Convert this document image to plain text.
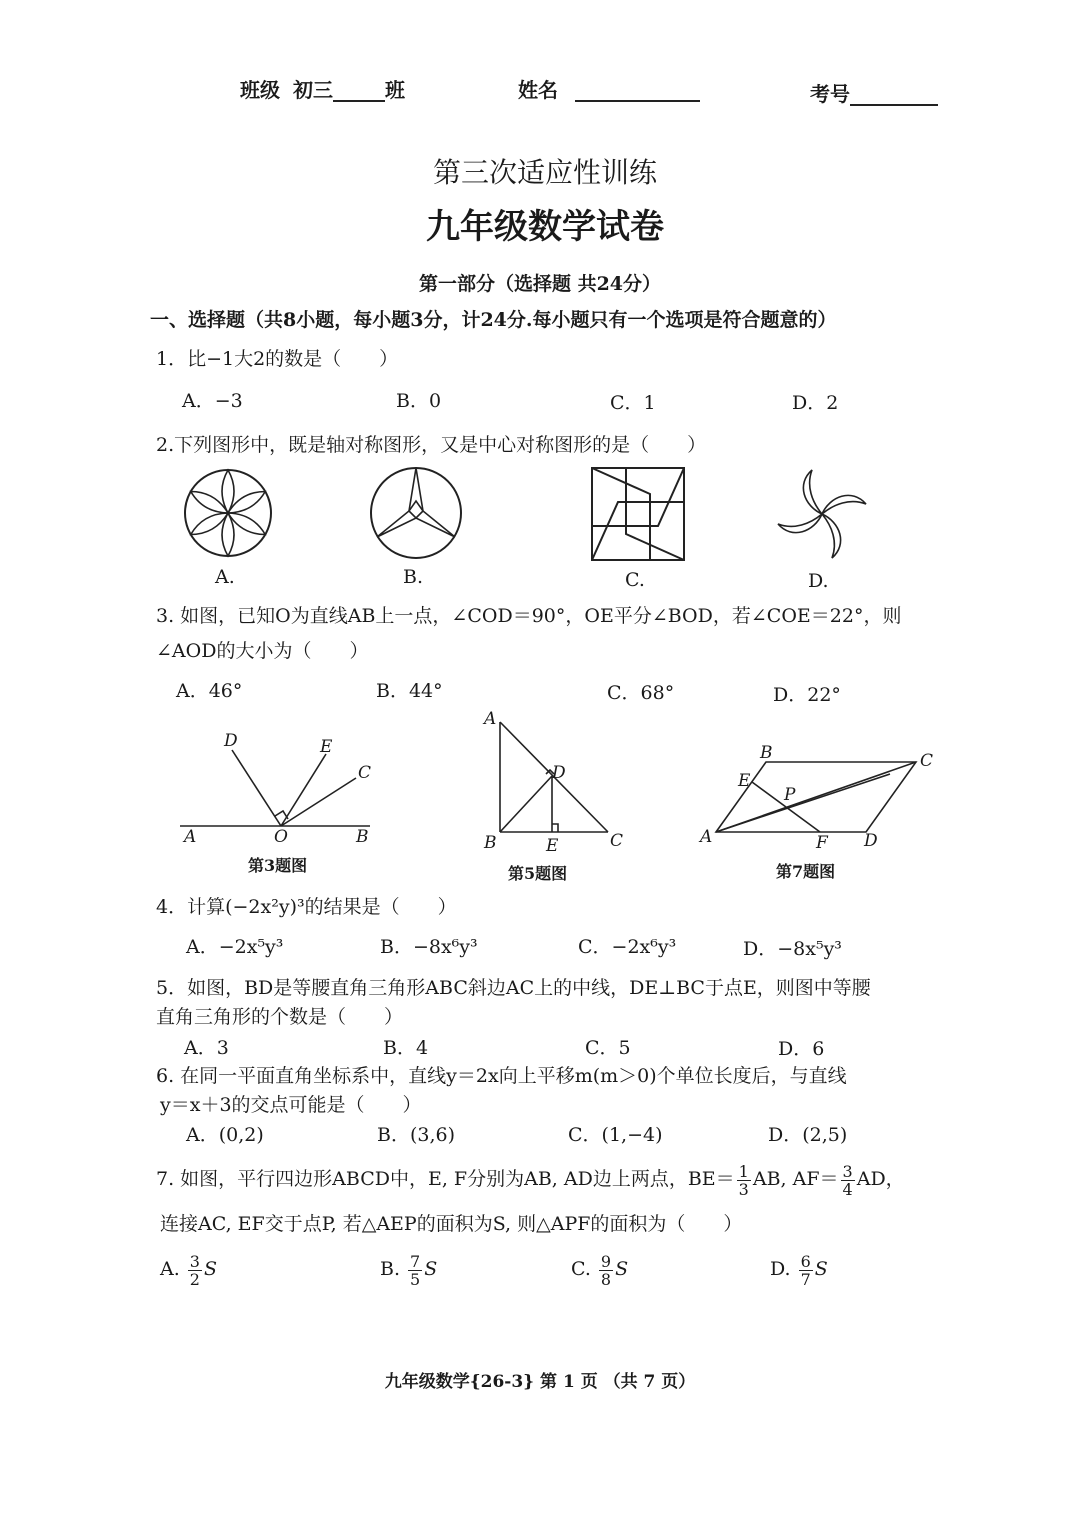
班级 初三	班	姓名	考号
第三次适应性训练
九年级数学试卷
第一部分（选择题 共24分）
一、选择题（共8小题，每小题3分，计24分.每小题只有一个选项是符合题意的）
1．比−1大2的数是（　　）
A．−3	B．0	C．1	D．2
2.下列图形中，既是轴对称图形，又是中心对称图形的是（　　）
A.	B.	C.	D.
3. 如图，已知O为直线AB上一点，∠COD＝90°，OE平分∠BOD，若∠COE＝22°，则
∠AOD的大小为（　　）
A．46°	B．44°	C．68°	D．22°
D	E
C
A	O	B
第3题图
A
D
B	E	C
第5题图
B	C
E
P
A	F D
第7题图
4．计算(−2x²y)³的结果是（　　）
A．−2x⁵y³	B．−8x⁶y³	C．−2x⁶y³	D．−8x⁵y³
5．如图，BD是等腰直角三角形ABC斜边AC上的中线，DE⊥BC于点E，则图中等腰
直角三角形的个数是（　　）
A．3	B．4	C．5	D．6
6. 在同一平面直角坐标系中，直线y＝2x向上平移m(m＞0)个单位长度后，与直线
y＝x＋3的交点可能是（　　）
A．(0,2)	B．(3,6)	C．(1,−4)	D．(2,5)
7. 如图，平行四边形ABCD中，E, F分别为AB, AD边上两点，$BE= \frac{1}{3}$ AB, $AF= \frac{3}{4}$ AD，
连接AC, EF交于点P, 若△AEP的面积为S, 则△APF的面积为（　　）
A. $\frac{3}{2}$ S	B. $\frac{7}{5}$ S	C. $\frac{9}{8}$ S	D. $\frac{6}{7}$ S
九年级数学{26-3} 第 1 页 （共 7 页）
